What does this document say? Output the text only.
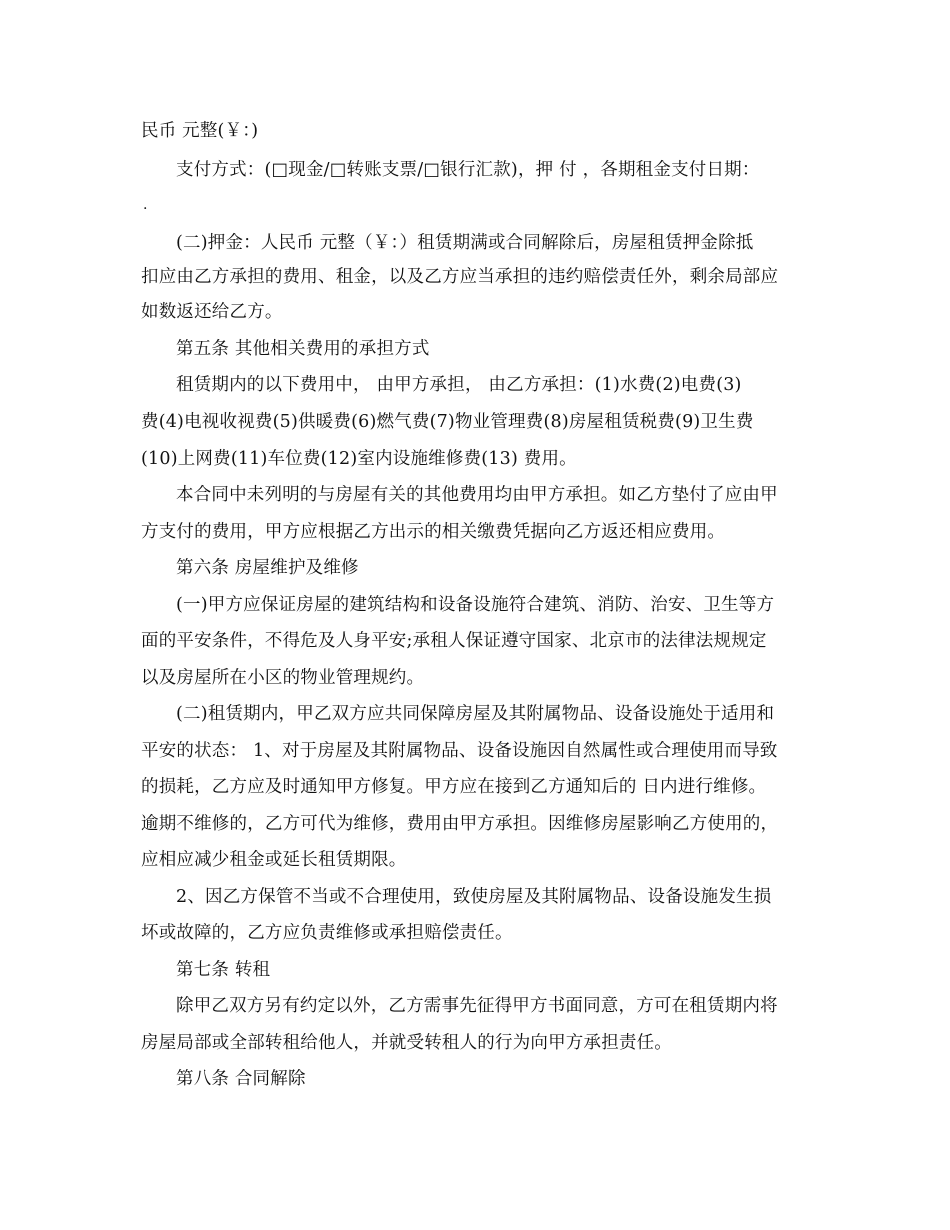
民币 元整(￥：)
支付方式：(□现金/□转账支票/□银行汇款)，押 付 ，各期租金支付日期：
.
(二)押金：人民币 元整（￥：）租赁期满或合同解除后，房屋租赁押金除抵
扣应由乙方承担的费用、租金，以及乙方应当承担的违约赔偿责任外，剩余局部应
如数返还给乙方。
第五条 其他相关费用的承担方式
租赁期内的以下费用中， 由甲方承担， 由乙方承担：(1)水费(2)电费(3)
费(4)电视收视费(5)供暖费(6)燃气费(7)物业管理费(8)房屋租赁税费(9)卫生费
(10)上网费(11)车位费(12)室内设施维修费(13) 费用。
本合同中未列明的与房屋有关的其他费用均由甲方承担。如乙方垫付了应由甲
方支付的费用，甲方应根据乙方出示的相关缴费凭据向乙方返还相应费用。
第六条 房屋维护及维修
(一)甲方应保证房屋的建筑结构和设备设施符合建筑、消防、治安、卫生等方
面的平安条件，不得危及人身平安;承租人保证遵守国家、北京市的法律法规规定
以及房屋所在小区的物业管理规约。
(二)租赁期内，甲乙双方应共同保障房屋及其附属物品、设备设施处于适用和
平安的状态： 1、对于房屋及其附属物品、设备设施因自然属性或合理使用而导致
的损耗，乙方应及时通知甲方修复。甲方应在接到乙方通知后的 日内进行维修。
逾期不维修的，乙方可代为维修，费用由甲方承担。因维修房屋影响乙方使用的，
应相应减少租金或延长租赁期限。
2、因乙方保管不当或不合理使用，致使房屋及其附属物品、设备设施发生损
坏或故障的，乙方应负责维修或承担赔偿责任。
第七条 转租
除甲乙双方另有约定以外，乙方需事先征得甲方书面同意，方可在租赁期内将
房屋局部或全部转租给他人，并就受转租人的行为向甲方承担责任。
第八条 合同解除
